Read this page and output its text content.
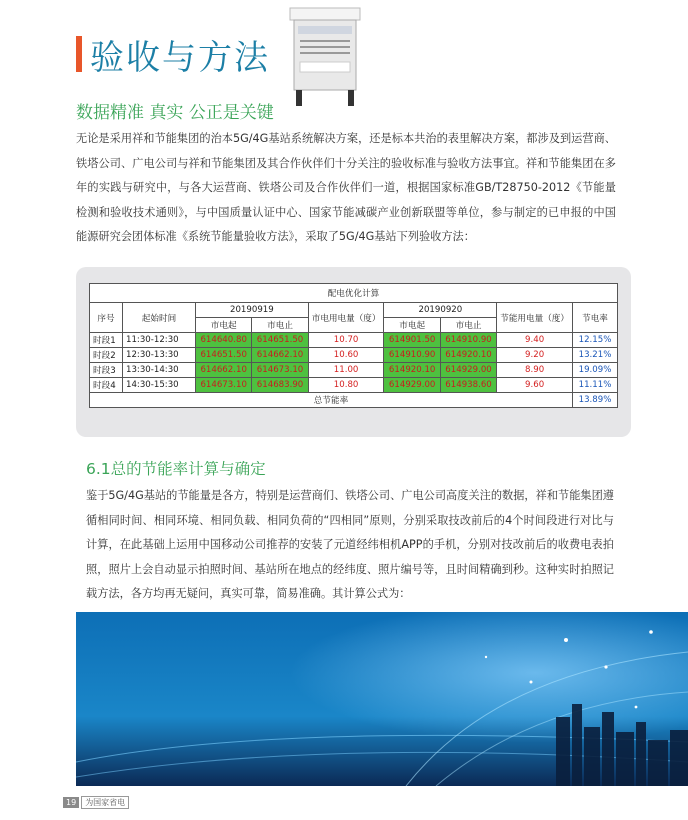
验收与方法
数据精准 真实 公正是关键
无论是采用祥和节能集团的治本5G/4G基站系统解决方案，还是标本共治的表里解决方案，都涉及到运营商、铁塔公司、广电公司与祥和节能集团及其合作伙伴们十分关注的验收标准与验收方法事宜。祥和节能集团在多年的实践与研究中，与各大运营商、铁塔公司及合作伙伴们一道，根据国家标准GB/T28750-2012《节能量检测和验收技术通则》，与中国质量认证中心、国家节能减碳产业创新联盟等单位，参与制定的已申报的中国能源研究会团体标准《系统节能量验收方法》，采取了5G/4G基站下列验收方法：
配电优化计算								
序号	起始时间	20190919		市电用电量（度）	20190920		节能用电量（度）	节电率
		市电起	市电止		市电起	市电止		
时段1	11:30-12:30	614640.80	614651.50	10.70	614901.50	614910.90	9.40	12.15%
时段2	12:30-13:30	614651.50	614662.10	10.60	614910.90	614920.10	9.20	13.21%
时段3	13:30-14:30	614662.10	614673.10	11.00	614920.10	614929.00	8.90	19.09%
时段4	14:30-15:30	614673.10	614683.90	10.80	614929.00	614938.60	9.60	11.11%
总节能率								13.89%
6.1总的节能率计算与确定
鉴于5G/4G基站的节能量是各方，特别是运营商们、铁塔公司、广电公司高度关注的数据，祥和节能集团遵循相同时间、相同环境、相同负载、相同负荷的“四相同”原则，分别采取技改前后的4个时间段进行对比与计算，在此基础上运用中国移动公司推荐的安装了元道经纬相机APP的手机，分别对技改前后的收费电表拍照，照片上会自动显示拍照时间、基站所在地点的经纬度、照片编号等，且时间精确到秒。这种实时拍照记载方法，各方均再无疑问，真实可靠，简易准确。其计算公式为：
19	为国家省电
